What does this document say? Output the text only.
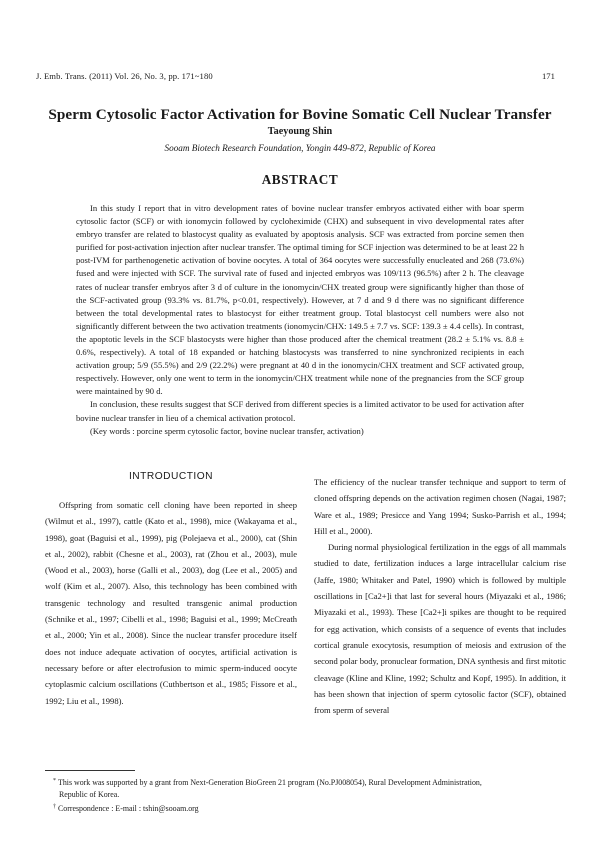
J. Emb. Trans. (2011) Vol. 26, No. 3, pp. 171~180	171
Sperm Cytosolic Factor Activation for Bovine Somatic Cell Nuclear Transfer
Taeyoung Shin
Sooam Biotech Research Foundation, Yongin 449-872, Republic of Korea
ABSTRACT

In this study I report that in vitro development rates of bovine nuclear transfer embryos activated either with boar sperm cytosolic factor (SCF) or with ionomycin followed by cycloheximide (CHX) and subsequent in vivo developmental rates after embryo transfer are related to blastocyst quality as evaluated by apoptosis analysis. SCF was extracted from porcine semen then purified for post-activation injection after nuclear transfer. The optimal timing for SCF injection was determined to be at least 22 h post-IVM for parthenogenetic activation of bovine oocytes. A total of 364 oocytes were successfully enucleated and 268 (73.6%) fused and were injected with SCF. The survival rate of fused and injected embryos was 109/113 (96.5%) after 2 h. The cleavage rates of nuclear transfer embryos after 3 d of culture in the ionomycin/CHX treated group were significantly higher than those of the SCF-activated group (93.3% vs. 81.7%, p<0.01, respectively). However, at 7 d and 9 d there was no significant difference between the total developmental rates to blastocyst for either treatment group. Total blastocyst cell numbers were also not significantly different between the two activation treatments (ionomycin/CHX: 149.5 ± 7.7 vs. SCF: 139.3 ± 4.4 cells). In contrast, the apoptotic levels in the SCF blastocysts were higher than those produced after the chemical treatment (28.2 ± 5.1% vs. 8.8 ± 0.6%, respectively). A total of 18 expanded or hatching blastocysts was transferred to nine synchronized recipients in each activation group; 5/9 (55.5%) and 2/9 (22.2%) were pregnant at 40 d in the ionomycin/CHX treatment and SCF activated group, respectively. However, only one went to term in the ionomycin/CHX treatment while none of the pregnancies from the SCF group were maintained by 90 d.

In conclusion, these results suggest that SCF derived from different species is a limited activator to be used for activation after bovine nuclear transfer in lieu of a chemical activation protocol.

(Key words : porcine sperm cytosolic factor, bovine nuclear transfer, activation)

INTRODUCTION

Offspring from somatic cell cloning have been reported in sheep (Wilmut et al., 1997), cattle (Kato et al., 1998), mice (Wakayama et al., 1998), goat (Baguisi et al., 1999), pig (Polejaeva et al., 2000), cat (Shin et al., 2002), rabbit (Chesne et al., 2003), rat (Zhou et al., 2003), mule (Wood et al., 2003), horse (Galli et al., 2003), dog (Lee et al., 2005) and wolf (Kim et al., 2007). Also, this technology has been combined with transgenic technology and resulted transgenic animal production (Schnike et al., 1997; Cibelli et al., 1998; Baguisi et al., 1999; McCreath et al., 2000; Yin et al., 2008). Since the nuclear transfer procedure itself does not induce adequate activation of oocytes, artificial activation is necessary before or after electrofusion to mimic sperm-induced oocyte cytoplasmic calcium oscillations (Cuthbertson et al., 1985; Fissore et al., 1992; Liu et al., 1998).

The efficiency of the nuclear transfer technique and support to term of cloned offspring depends on the activation regimen chosen (Nagai, 1987; Ware et al., 1989; Presicce and Yang 1994; Susko-Parrish et al., 1994; Hill et al., 2000).

During normal physiological fertilization in the eggs of all mammals studied to date, fertilization induces a large intracellular calcium rise (Jaffe, 1980; Whitaker and Patel, 1990) which is followed by multiple oscillations in [Ca2+]i that last for several hours (Miyazaki et al., 1986; Miyazaki et al., 1993). These [Ca2+]i spikes are thought to be required for egg activation, which consists of a sequence of events that includes cortical granule exocytosis, resumption of meiosis and extrusion of the second polar body, pronuclear formation, DNA synthesis and first mitotic cleavage (Kline and Kline, 1992; Schultz and Kopf, 1995). In addition, it has been shown that injection of sperm cytosolic factor (SCF), obtained from sperm of several

* This work was supported by a grant from Next-Generation BioGreen 21 program (No.PJ008054), Rural Development Administration,

Republic of Korea.

† Correspondence : E-mail : tshin@sooam.org
